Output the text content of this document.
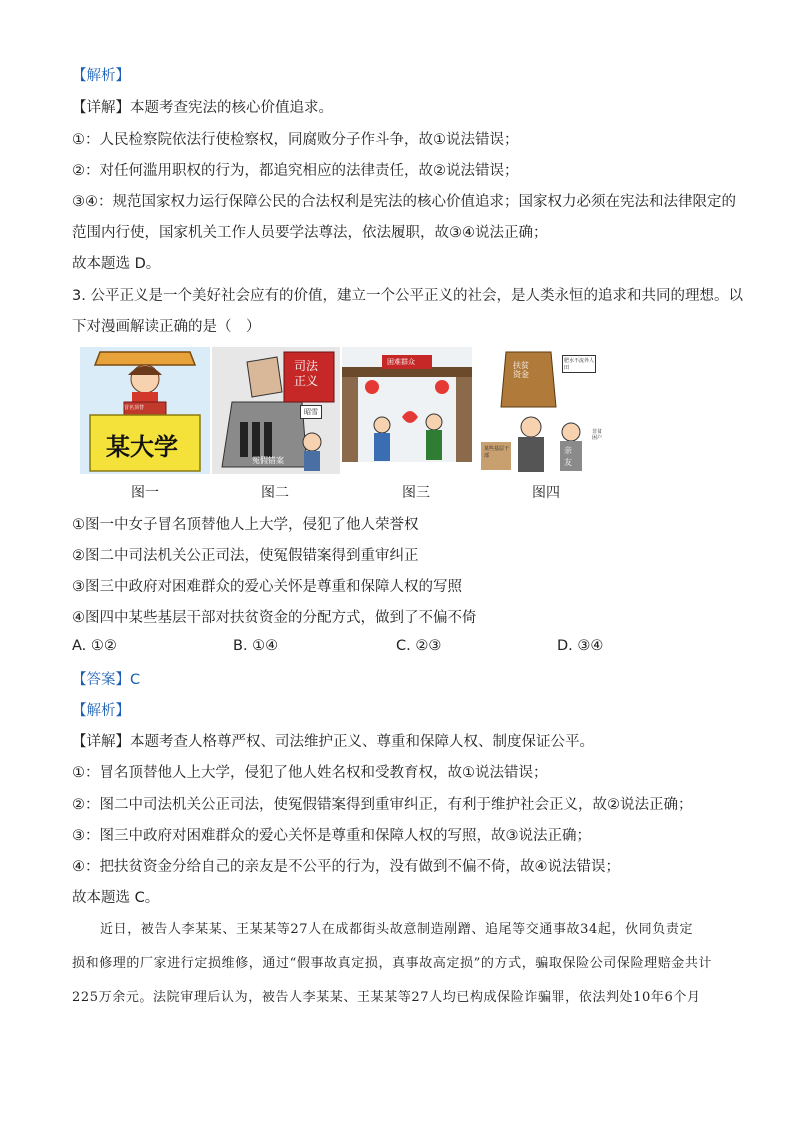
【解析】
【详解】本题考查宪法的核心价值追求。
①：人民检察院依法行使检察权，同腐败分子作斗争，故①说法错误；
②：对任何滥用职权的行为，都追究相应的法律责任，故②说法错误；
③④：规范国家权力运行保障公民的合法权利是宪法的核心价值追求；国家权力必须在宪法和法律限定的
范围内行使，国家机关工作人员要学法尊法，依法履职，故③④说法正确；
故本题选 D。
3. 公平正义是一个美好社会应有的价值，建立一个公平正义的社会，是人类永恒的追求和共同的理想。以
下对漫画解读正确的是（　）
冒名顶替
某大学
司法正义
昭雪
冤假错案
困难群众	扶贫资金
肥水不流外人田
某些基层干部
亲
友
非贫困户
图一	图二	图三	图四
①图一中女子冒名顶替他人上大学，侵犯了他人荣誉权
②图二中司法机关公正司法，使冤假错案得到重审纠正
③图三中政府对困难群众的爱心关怀是尊重和保障人权的写照
④图四中某些基层干部对扶贫资金的分配方式，做到了不偏不倚
A. ①②	B. ①④	C. ②③	D. ③④
【答案】C
【解析】
【详解】本题考查人格尊严权、司法维护正义、尊重和保障人权、制度保证公平。
①：冒名顶替他人上大学，侵犯了他人姓名权和受教育权，故①说法错误；
②：图二中司法机关公正司法，使冤假错案得到重审纠正，有利于维护社会正义，故②说法正确；
③：图三中政府对困难群众的爱心关怀是尊重和保障人权的写照，故③说法正确；
④：把扶贫资金分给自己的亲友是不公平的行为，没有做到不偏不倚，故④说法错误；
故本题选 C。
近日，被告人李某某、王某某等27人在成都街头故意制造剐蹭、追尾等交通事故34起，伙同负责定
损和修理的厂家进行定损维修，通过“假事故真定损，真事故高定损”的方式，骗取保险公司保险理赔金共计
225万余元。法院审理后认为，被告人李某某、王某某等27人均已构成保险诈骗罪，依法判处10年6个月
